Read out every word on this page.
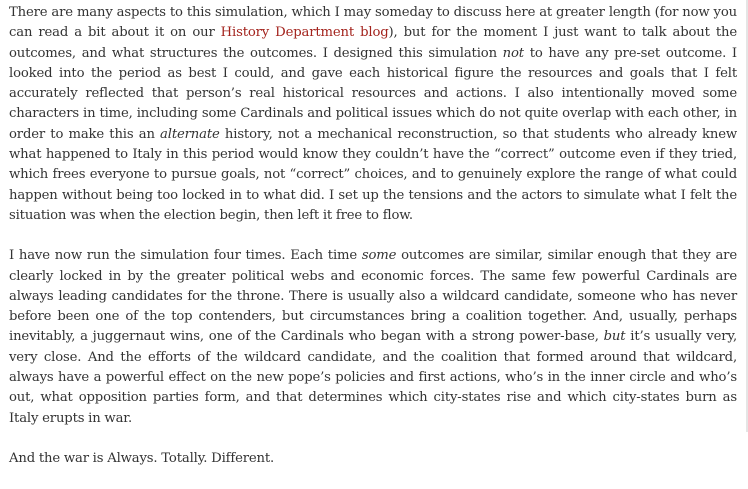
There are many aspects to this simulation, which I may someday to discuss here at greater length (for now you can read a bit about it on our History Department blog), but for the moment I just want to talk about the outcomes, and what structures the outcomes. I designed this simulation not to have any pre-set outcome. I looked into the period as best I could, and gave each historical figure the resources and goals that I felt accurately reflected that person’s real historical resources and actions. I also intentionally moved some characters in time, including some Cardinals and political issues which do not quite overlap with each other, in order to make this an alternate history, not a mechanical reconstruction, so that students who already knew what happened to Italy in this period would know they couldn’t have the “correct” outcome even if they tried, which frees everyone to pursue goals, not “correct” choices, and to genuinely explore the range of what could happen without being too locked in to what did. I set up the tensions and the actors to simulate what I felt the situation was when the election begin, then left it free to flow.

I have now run the simulation four times. Each time some outcomes are similar, similar enough that they are clearly locked in by the greater political webs and economic forces. The same few powerful Cardinals are always leading candidates for the throne. There is usually also a wildcard candidate, someone who has never before been one of the top contenders, but circumstances bring a coalition together. And, usually, perhaps inevitably, a juggernaut wins, one of the Cardinals who began with a strong power-base, but it’s usually very, very close. And the efforts of the wildcard candidate, and the coalition that formed around that wildcard, always have a powerful effect on the new pope’s policies and first actions, who’s in the inner circle and who’s out, what opposition parties form, and that determines which city-states rise and which city-states burn as Italy erupts in war.

And the war is Always. Totally. Different.
